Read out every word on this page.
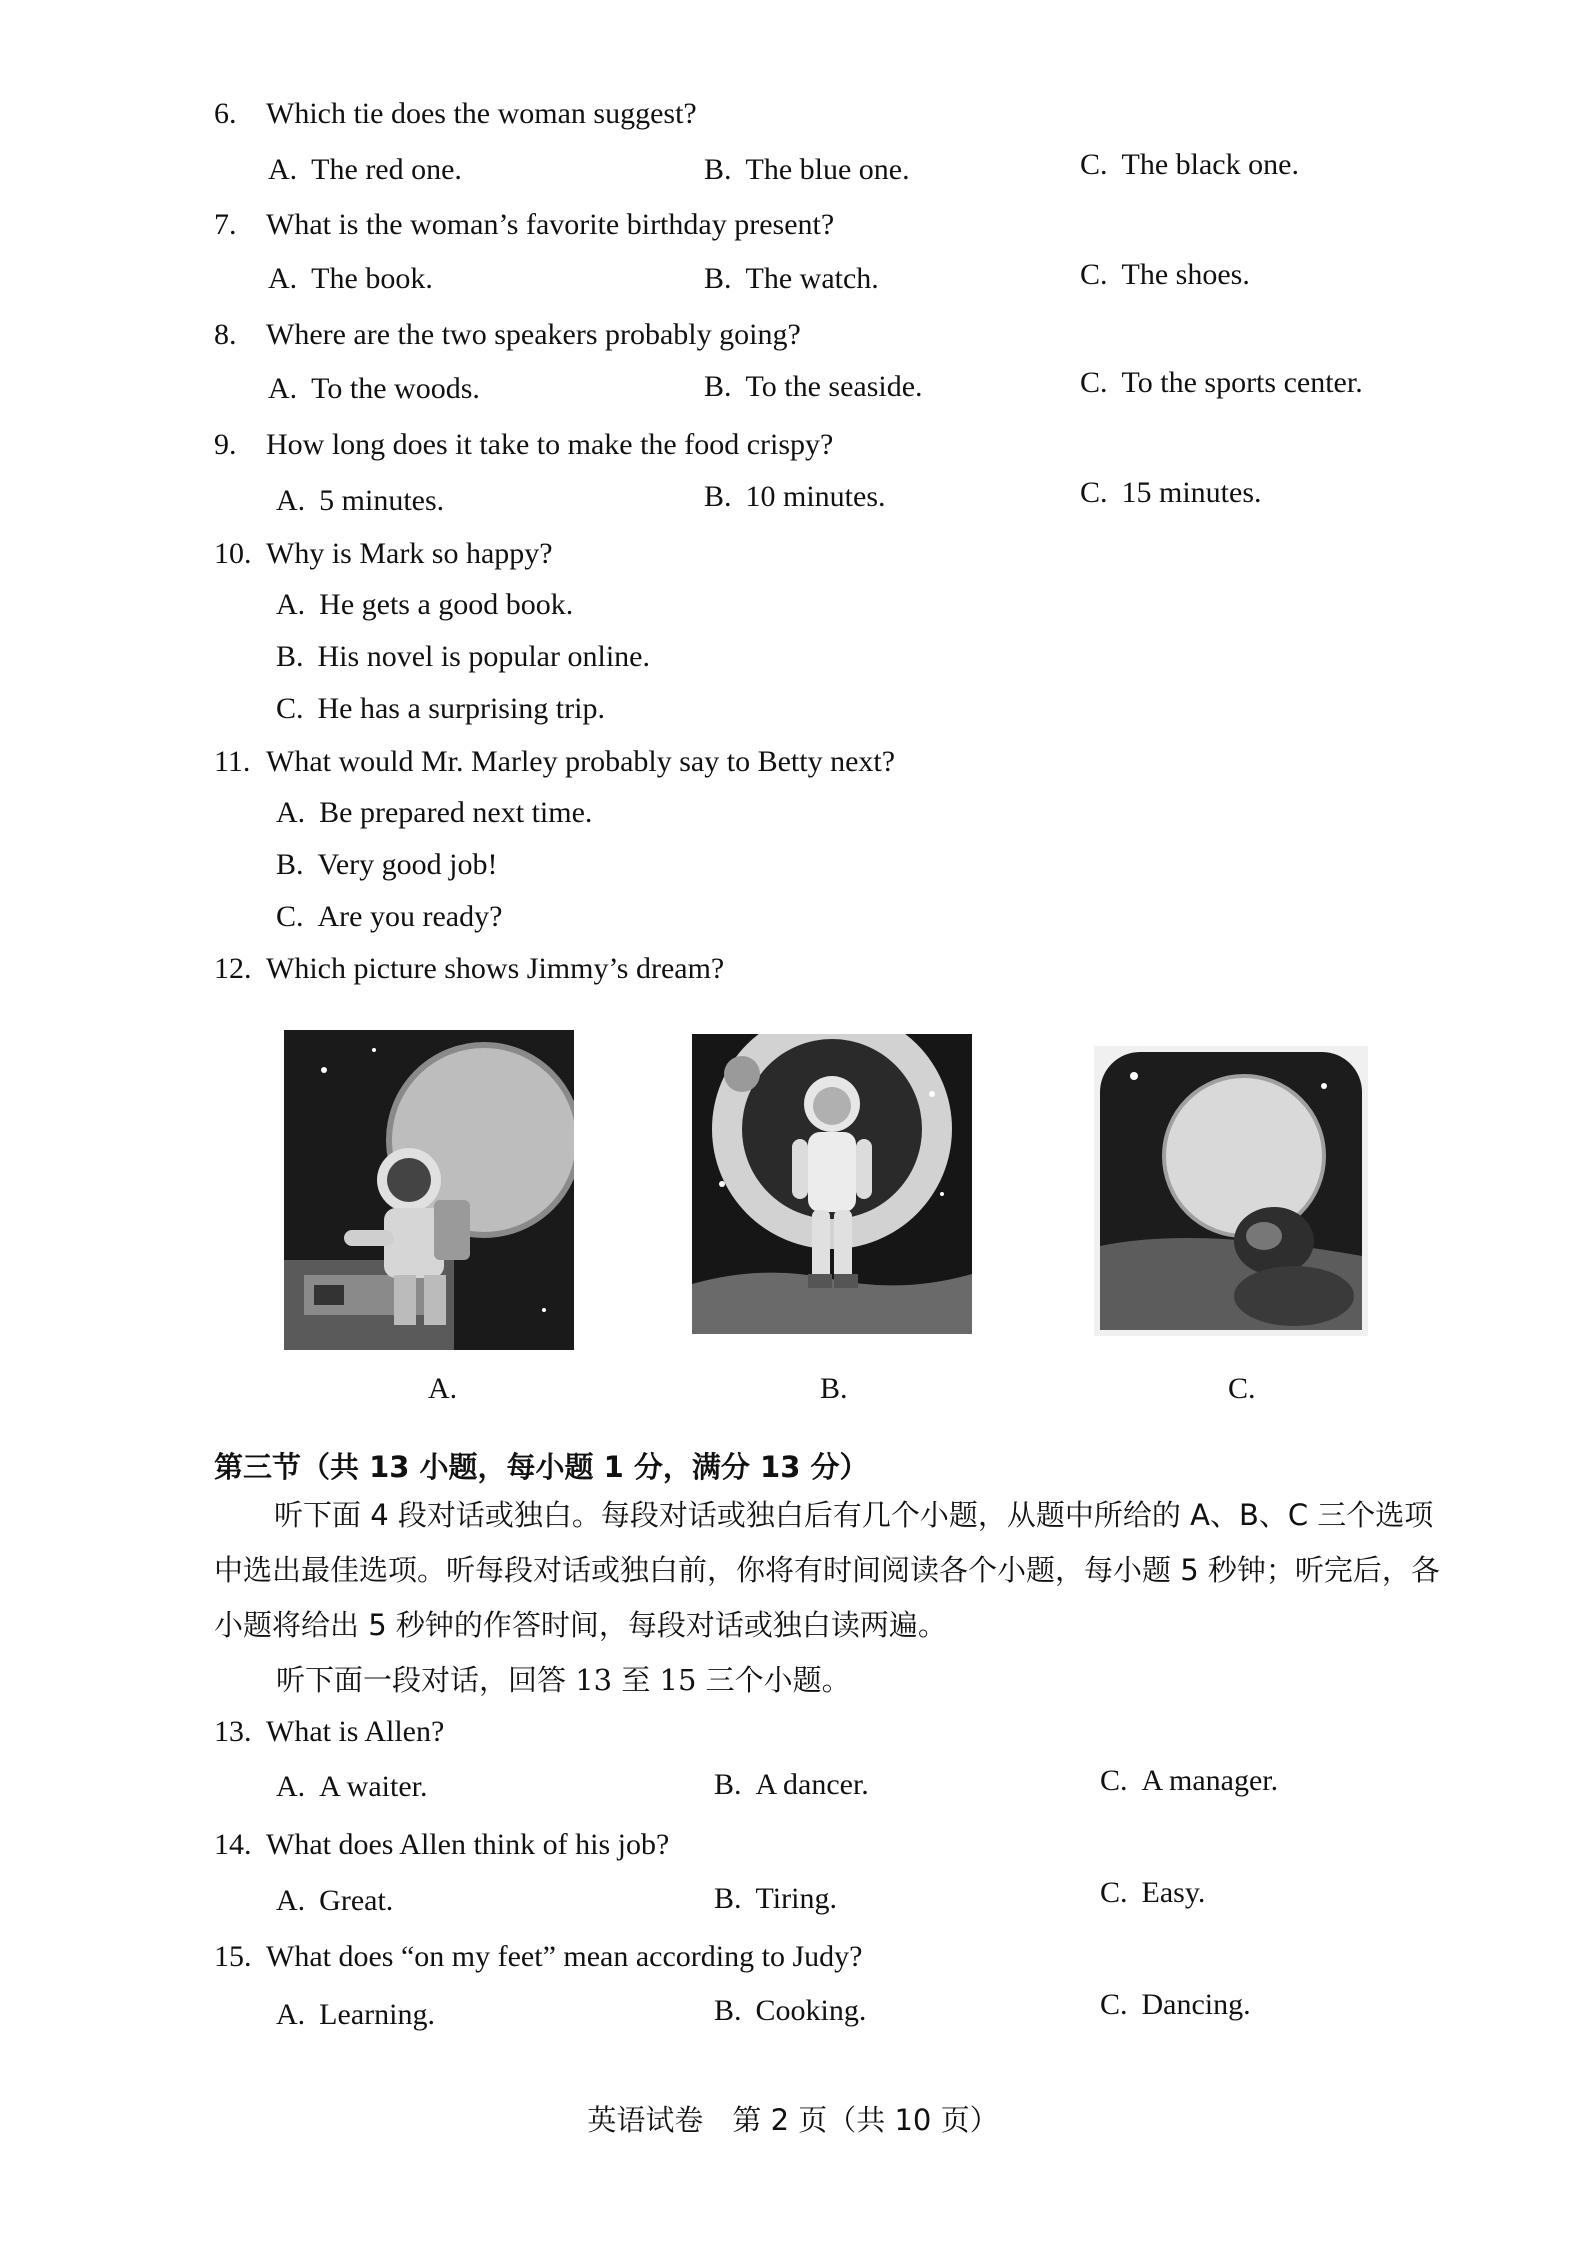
6. Which tie does the woman suggest?
A. The red one.	B. The blue one.	C. The black one.
7. What is the woman’s favorite birthday present?
A. The book.	B. The watch.	C. The shoes.
8. Where are the two speakers probably going?
A. To the woods.	B. To the seaside.	C. To the sports center.
9. How long does it take to make the food crispy?
A. 5 minutes.	B. 10 minutes.	C. 15 minutes.
10. Why is Mark so happy?
A. He gets a good book.
B. His novel is popular online.
C. He has a surprising trip.
11. What would Mr. Marley probably say to Betty next?
A. Be prepared next time.
B. Very good job!
C. Are you ready?
12. Which picture shows Jimmy’s dream?
A.	B.	C.
第三节（共 13 小题，每小题 1 分，满分 13 分）
听下面 4 段对话或独白。每段对话或独白后有几个小题，从题中所给的 A、B、C 三个选项中选出最佳选项。听每段对话或独白前，你将有时间阅读各个小题，每小题 5 秒钟；听完后，各小题将给出 5 秒钟的作答时间，每段对话或独白读两遍。
听下面一段对话，回答 13 至 15 三个小题。
13. What is Allen?
A. A waiter.	B. A dancer.	C. A manager.
14. What does Allen think of his job?
A. Great.	B. Tiring.	C. Easy.
15. What does “on my feet” mean according to Judy?
A. Learning.	B. Cooking.	C. Dancing.
英语试卷　第 2 页（共 10 页）
